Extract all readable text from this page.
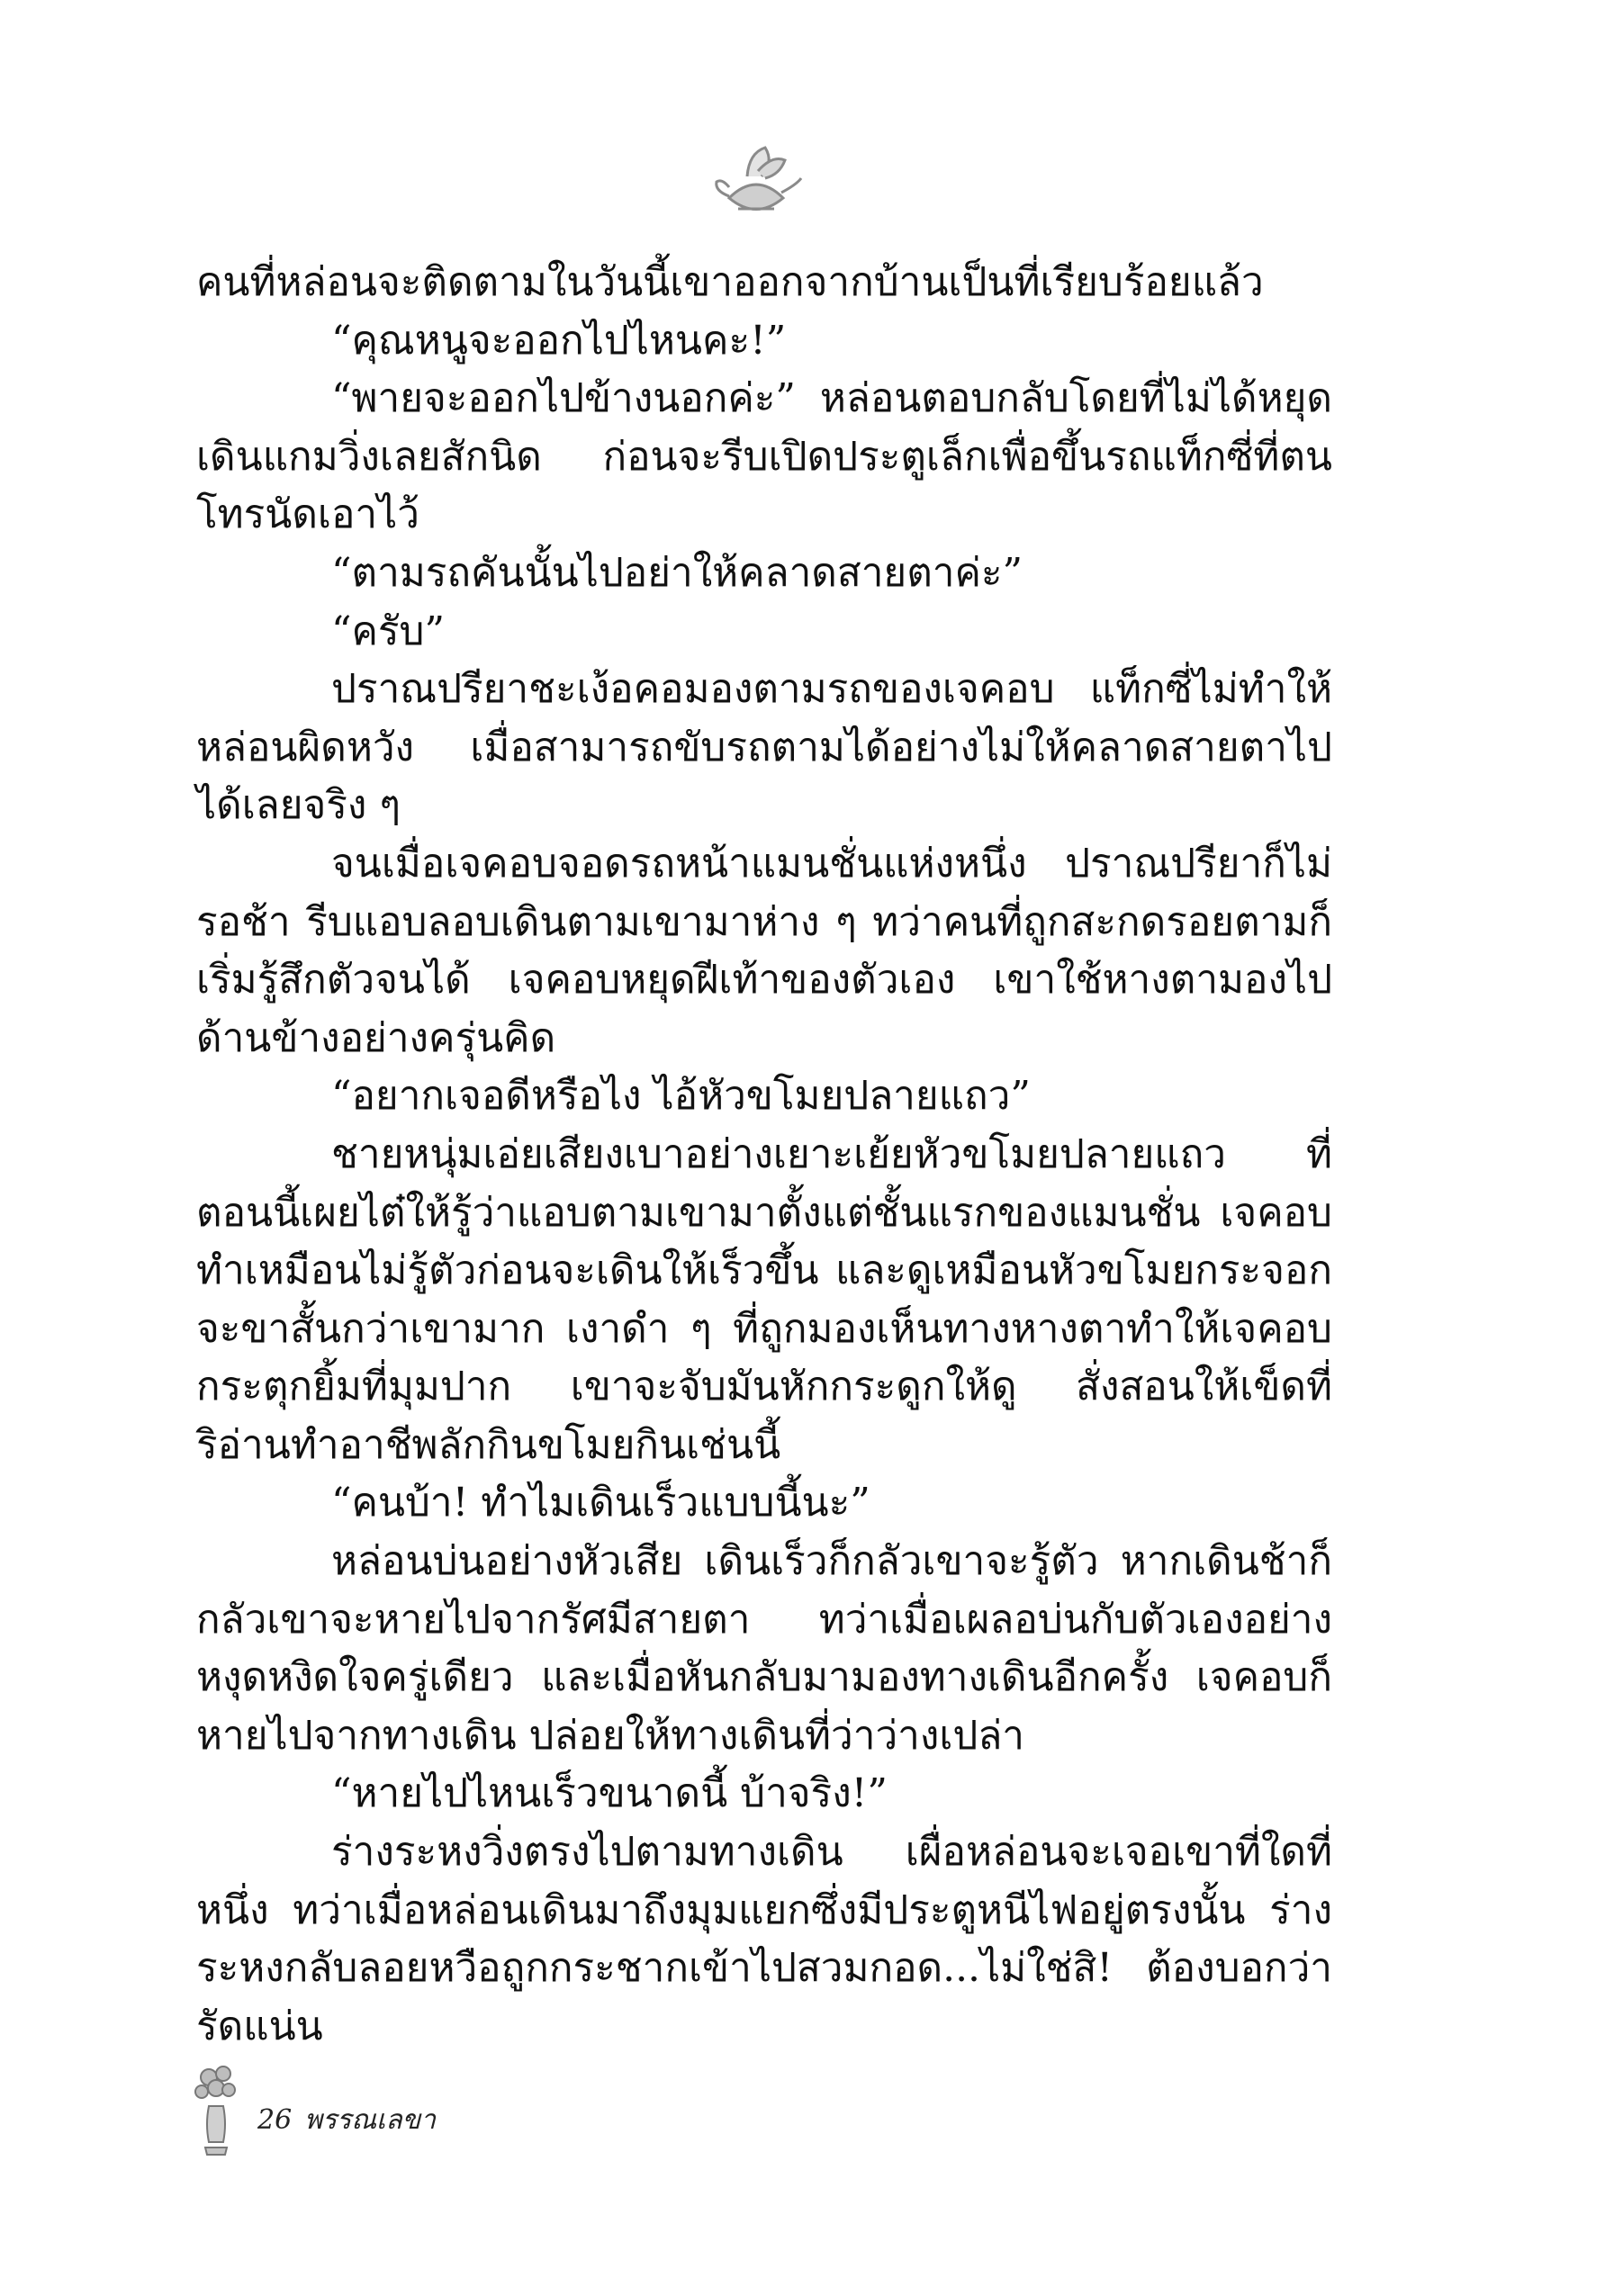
คนที่หล่อนจะติดตามในวันนี้เขาออกจากบ้านเป็นที่เรียบร้อยแล้ว

“คุณหนูจะออกไปไหนคะ!”

“พายจะออกไปข้างนอกค่ะ” หล่อนตอบกลับโดยที่ไม่ได้หยุดเดินแกมวิ่งเลยสักนิด ก่อนจะรีบเปิดประตูเล็กเพื่อขึ้นรถแท็กซี่ที่ตนโทรนัดเอาไว้

“ตามรถคันนั้นไปอย่าให้คลาดสายตาค่ะ”

“ครับ”

ปราณปรียาชะเง้อคอมองตามรถของเจคอบ แท็กซี่ไม่ทำให้หล่อนผิดหวัง เมื่อสามารถขับรถตามได้อย่างไม่ให้คลาดสายตาไปได้เลยจริง ๆ

จนเมื่อเจคอบจอดรถหน้าแมนชั่นแห่งหนึ่ง ปราณปรียาก็ไม่รอช้า รีบแอบลอบเดินตามเขามาห่าง ๆ ทว่าคนที่ถูกสะกดรอยตามก็เริ่มรู้สึกตัวจนได้ เจคอบหยุดฝีเท้าของตัวเอง เขาใช้หางตามองไปด้านข้างอย่างครุ่นคิด

“อยากเจอดีหรือไง ไอ้หัวขโมยปลายแถว”

ชายหนุ่มเอ่ยเสียงเบาอย่างเยาะเย้ยหัวขโมยปลายแถว ที่ตอนนี้เผยไต๋ให้รู้ว่าแอบตามเขามาตั้งแต่ชั้นแรกของแมนชั่น เจคอบทำเหมือนไม่รู้ตัวก่อนจะเดินให้เร็วขึ้น และดูเหมือนหัวขโมยกระจอกจะขาสั้นกว่าเขามาก เงาดำ ๆ ที่ถูกมองเห็นทางหางตาทำให้เจคอบกระตุกยิ้มที่มุมปาก เขาจะจับมันหักกระดูกให้ดู สั่งสอนให้เข็ดที่ริอ่านทำอาชีพลักกินขโมยกินเช่นนี้

“คนบ้า! ทำไมเดินเร็วแบบนี้นะ”

หล่อนบ่นอย่างหัวเสีย เดินเร็วก็กลัวเขาจะรู้ตัว หากเดินช้าก็กลัวเขาจะหายไปจากรัศมีสายตา ทว่าเมื่อเผลอบ่นกับตัวเองอย่างหงุดหงิดใจครู่เดียว และเมื่อหันกลับมามองทางเดินอีกครั้ง เจคอบก็หายไปจากทางเดิน ปล่อยให้ทางเดินที่ว่าว่างเปล่า

“หายไปไหนเร็วขนาดนี้ บ้าจริง!”

ร่างระหงวิ่งตรงไปตามทางเดิน เผื่อหล่อนจะเจอเขาที่ใดที่หนึ่ง ทว่าเมื่อหล่อนเดินมาถึงมุมแยกซึ่งมีประตูหนีไฟอยู่ตรงนั้น ร่างระหงกลับลอยหวือถูกกระชากเข้าไปสวมกอด...ไม่ใช่สิ! ต้องบอกว่ารัดแน่น

26 พรรณเลขา
